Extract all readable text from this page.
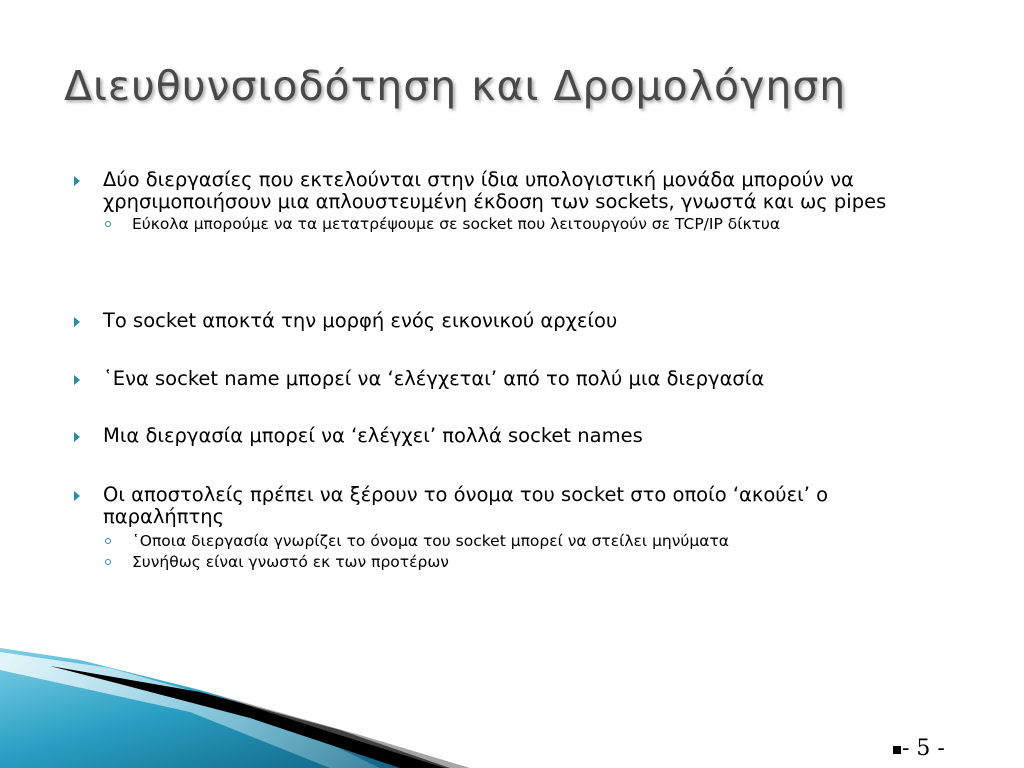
Διευθυνσιοδότηση και Δρομολόγηση
Δύο διεργασίες που εκτελούνται στην ίδια υπολογιστική μονάδα μπορούν να χρησιμοποιήσουν μια απλουστευμένη έκδοση των sockets, γνωστά και ως pipes
Εύκολα μπορούμε να τα μετατρέψουμε σε socket που λειτουργούν σε TCP/IP δίκτυα
Το socket αποκτά την μορφή ενός εικονικού αρχείου
῾Ενα socket name μπορεί να ‘ελέγχεται’ από το πολύ μια διεργασία
Μια διεργασία μπορεί να ‘ελέγχει’ πολλά socket names
Οι αποστολείς πρέπει να ξέρουν το όνομα του socket στο οποίο ‘ακούει’ ο παραλήπτης
῾Οποια διεργασία γνωρίζει το όνομα του socket μπορεί να στείλει μηνύματα
Συνήθως είναι γνωστό εκ των προτέρων
- 5 -
